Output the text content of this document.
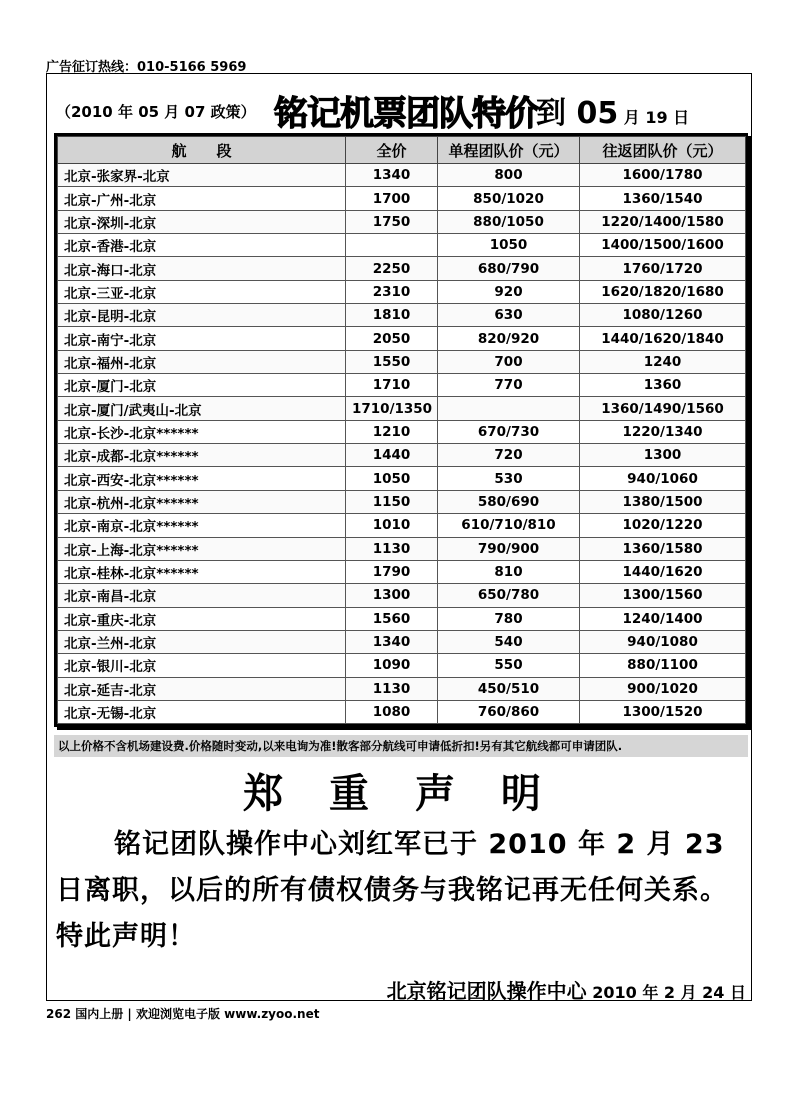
广告征订热线：010-5166 5969
（2010 年 05 月 07 政策） 铭记机票团队特价
到 05 月 19 日
航　　段	全价	单程团队价（元）	往返团队价（元）
北京-张家界-北京	1340	800	1600/1780
北京-广州-北京	1700	850/1020	1360/1540
北京-深圳-北京	1750	880/1050	1220/1400/1580
北京-香港-北京		1050	1400/1500/1600
北京-海口-北京	2250	680/790	1760/1720
北京-三亚-北京	2310	920	1620/1820/1680
北京-昆明-北京	1810	630	1080/1260
北京-南宁-北京	2050	820/920	1440/1620/1840
北京-福州-北京	1550	700	1240
北京-厦门-北京	1710	770	1360
北京-厦门/武夷山-北京	1710/1350		1360/1490/1560
北京-长沙-北京******	1210	670/730	1220/1340
北京-成都-北京******	1440	720	1300
北京-西安-北京******	1050	530	940/1060
北京-杭州-北京******	1150	580/690	1380/1500
北京-南京-北京******	1010	610/710/810	1020/1220
北京-上海-北京******	1130	790/900	1360/1580
北京-桂林-北京******	1790	810	1440/1620
北京-南昌-北京	1300	650/780	1300/1560
北京-重庆-北京	1560	780	1240/1400
北京-兰州-北京	1340	540	940/1080
北京-银川-北京	1090	550	880/1100
北京-延吉-北京	1130	450/510	900/1020
北京-无锡-北京	1080	760/860	1300/1520
以上价格不含机场建设费.价格随时变动,以来电询为准!散客部分航线可申请低折扣!另有其它航线都可申请团队.
郑 重 声 明
铭记团队操作中心刘红军已于 2010 年 2 月 23 日离职，以后的所有债权债务与我铭记再无任何关系。特此声明！
北京铭记团队操作中心 2010 年 2 月 24 日
262 国内上册 | 欢迎浏览电子版 www.zyoo.net
